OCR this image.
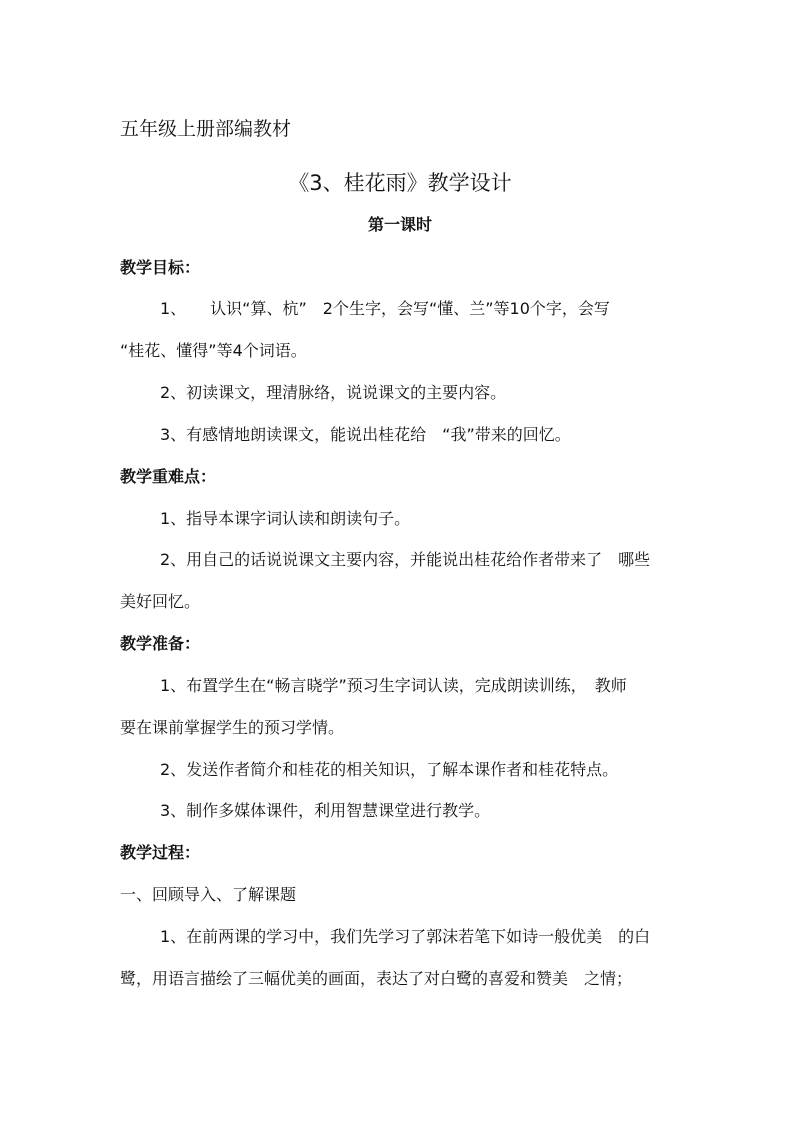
五年级上册部编教材
《3、桂花雨》教学设计
第一课时
教学目标：
1、　　认识“算、杭”　2个生字，会写“懂、兰”等10个字，会写
“桂花、懂得”等4个词语。
2、初读课文，理清脉络，说说课文的主要内容。
3、有感情地朗读课文，能说出桂花给　“我”带来的回忆。
教学重难点：
1、指导本课字词认读和朗读句子。
2、用自己的话说说课文主要内容，并能说出桂花给作者带来了　哪些
美好回忆。
教学准备：
1、布置学生在“畅言晓学”预习生字词认读，完成朗读训练，　教师
要在课前掌握学生的预习学情。
2、发送作者简介和桂花的相关知识，了解本课作者和桂花特点。
3、制作多媒体课件，利用智慧课堂进行教学。
教学过程：
一、回顾导入、了解课题
1、在前两课的学习中，我们先学习了郭沫若笔下如诗一般优美　的白
鹭，用语言描绘了三幅优美的画面，表达了对白鹭的喜爱和赞美　之情；
